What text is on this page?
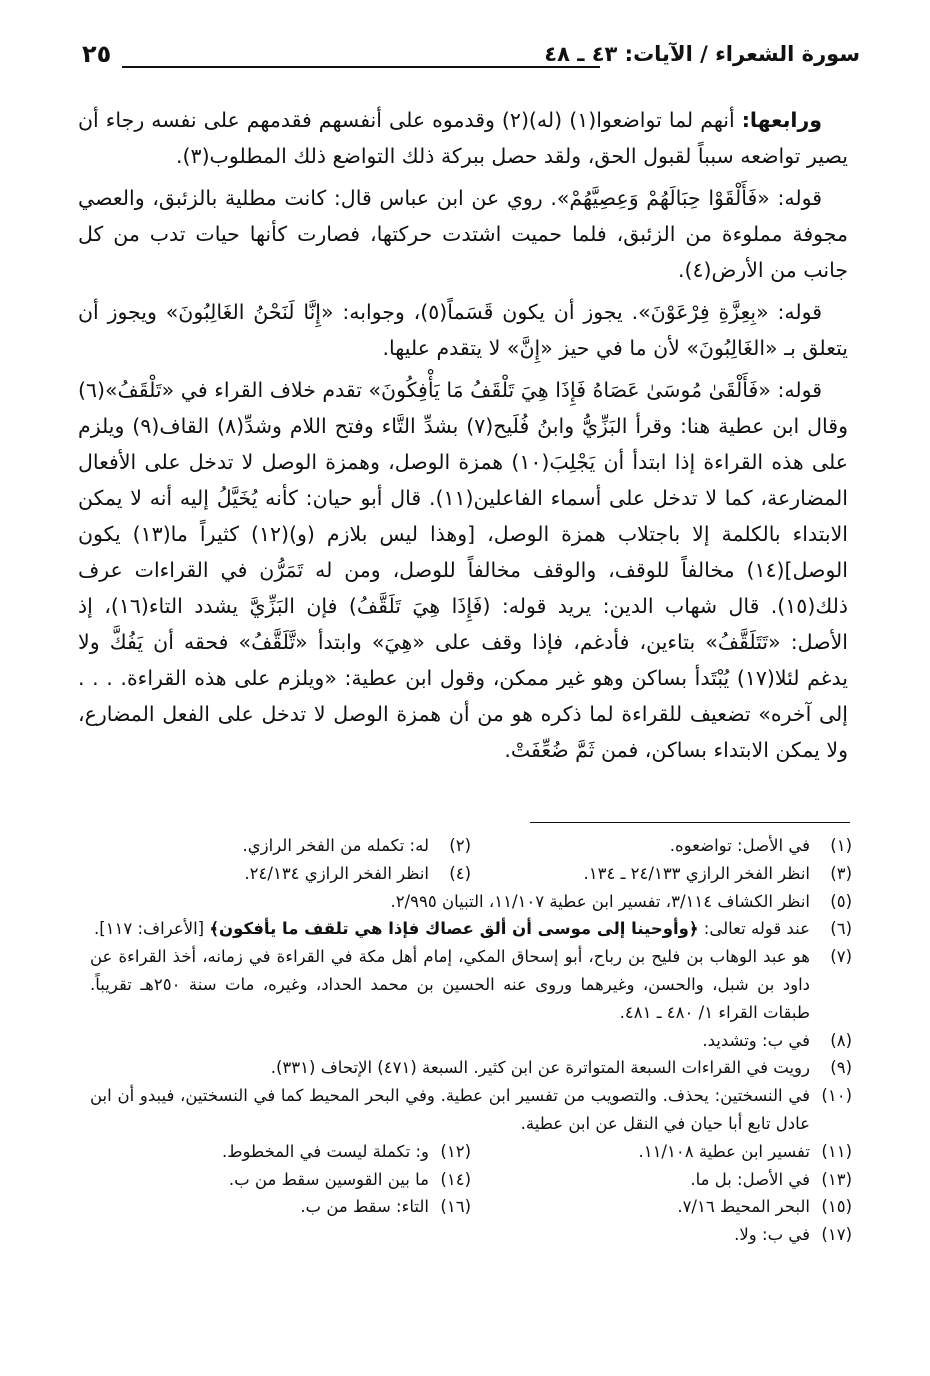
سورة الشعراء / الآيات: ٤٣ ـ ٤٨
٢٥

ورابعها: أنهم لما تواضعوا(١) (له)(٢) وقدموه على أنفسهم فقدمهم على نفسه رجاء أن يصير تواضعه سبباً لقبول الحق، ولقد حصل ببركة ذلك التواضع ذلك المطلوب(٣).

قوله: «فَأَلْقَوْا حِبَالَهُمْ وَعِصِيَّهُمْ». روي عن ابن عباس قال: كانت مطلية بالزئبق، والعصي مجوفة مملوءة من الزئبق، فلما حميت اشتدت حركتها، فصارت كأنها حيات تدب من كل جانب من الأرض(٤).

قوله: «بِعِزَّةِ فِرْعَوْنَ». يجوز أن يكون قَسَماً(٥)، وجوابه: «إِنَّا لَنَحْنُ الغَالِبُونَ» ويجوز أن يتعلق بـ «الغَالِبُونَ» لأن ما في حيز «إِنَّ» لا يتقدم عليها.

قوله: «فَأَلْقَىٰ مُوسَىٰ عَصَاهُ فَإِذَا هِيَ تَلْقَفُ مَا يَأْفِكُونَ» تقدم خلاف القراء في «تَلْقَفُ»(٦) وقال ابن عطية هنا: وقرأ البَزِّيُّ وابنُ فُلَيح(٧) بشدِّ التَّاء وفتح اللام وشدِّ(٨) القاف(٩) ويلزم على هذه القراءة إذا ابتدأ أن يَجْلِبَ(١٠) همزة الوصل، وهمزة الوصل لا تدخل على الأفعال المضارعة، كما لا تدخل على أسماء الفاعلين(١١). قال أبو حيان: كأنه يُخَيَّلُ إليه أنه لا يمكن الابتداء بالكلمة إلا باجتلاب همزة الوصل، [وهذا ليس بلازم (و)(١٢) كثيراً ما(١٣) يكون الوصل](١٤) مخالفاً للوقف، والوقف مخالفاً للوصل، ومن له تَمَرُّن في القراءات عرف ذلك(١٥). قال شهاب الدين: يريد قوله: (فَإِذَا هِيَ تَلَقَّفُ) فإن البَزِّيَّ يشدد التاء(١٦)، إذ الأصل: «تَتَلَقَّفُ» بتاءين، فأدغم، فإذا وقف على «هِيَ» وابتدأ «تَّلَقَّفُ» فحقه أن يَفُكَّ ولا يدغم لئلا(١٧) يُبْتَدأ بساكن وهو غير ممكن، وقول ابن عطية: «ويلزم على هذه القراءة. . . . إلى آخره» تضعيف للقراءة لما ذكره هو من أن همزة الوصل لا تدخل على الفعل المضارع، ولا يمكن الابتداء بساكن، فمن ثَمَّ ضُعِّفَتْ.

(١)
في الأصل: تواضعوه.
(٢)
له: تكمله من الفخر الرازي.
(٣)
انظر الفخر الرازي ٢٤/١٣٣ ـ ١٣٤.
(٤)
انظر الفخر الرازي ٢٤/١٣٤.
(٥)
انظر الكشاف ٣/١١٤، تفسير ابن عطية ١١/١٠٧، التبيان ٢/٩٩٥.
(٦)
عند قوله تعالى: ﴿وأوحينا إلى موسى أن ألق عصاك فإذا هي تلقف ما يأفكون﴾ [الأعراف: ١١٧].
(٧)
هو عبد الوهاب بن فليح بن رباح، أبو إسحاق المكي، إمام أهل مكة في القراءة في زمانه، أخذ القراءة عن داود بن شبل، والحسن، وغيرهما وروى عنه الحسين بن محمد الحداد، وغيره، مات سنة ٢٥٠هـ تقريباً. طبقات القراء ١/ ٤٨٠ ـ ٤٨١.
(٨)
في ب: وتشديد.
(٩)
رويت في القراءات السبعة المتواترة عن ابن كثير. السبعة (٤٧١) الإتحاف (٣٣١).
(١٠)
في النسختين: يحذف. والتصويب من تفسير ابن عطية. وفي البحر المحيط كما في النسختين، فيبدو أن ابن عادل تابع أبا حيان في النقل عن ابن عطية.
(١١)
تفسير ابن عطية ١١/١٠٨.
(١٢)
و: تكملة ليست في المخطوط.
(١٣)
في الأصل: بل ما.
(١٤)
ما بين القوسين سقط من ب.
(١٥)
البحر المحيط ٧/١٦.
(١٦)
التاء: سقط من ب.
(١٧)
في ب: ولا.
